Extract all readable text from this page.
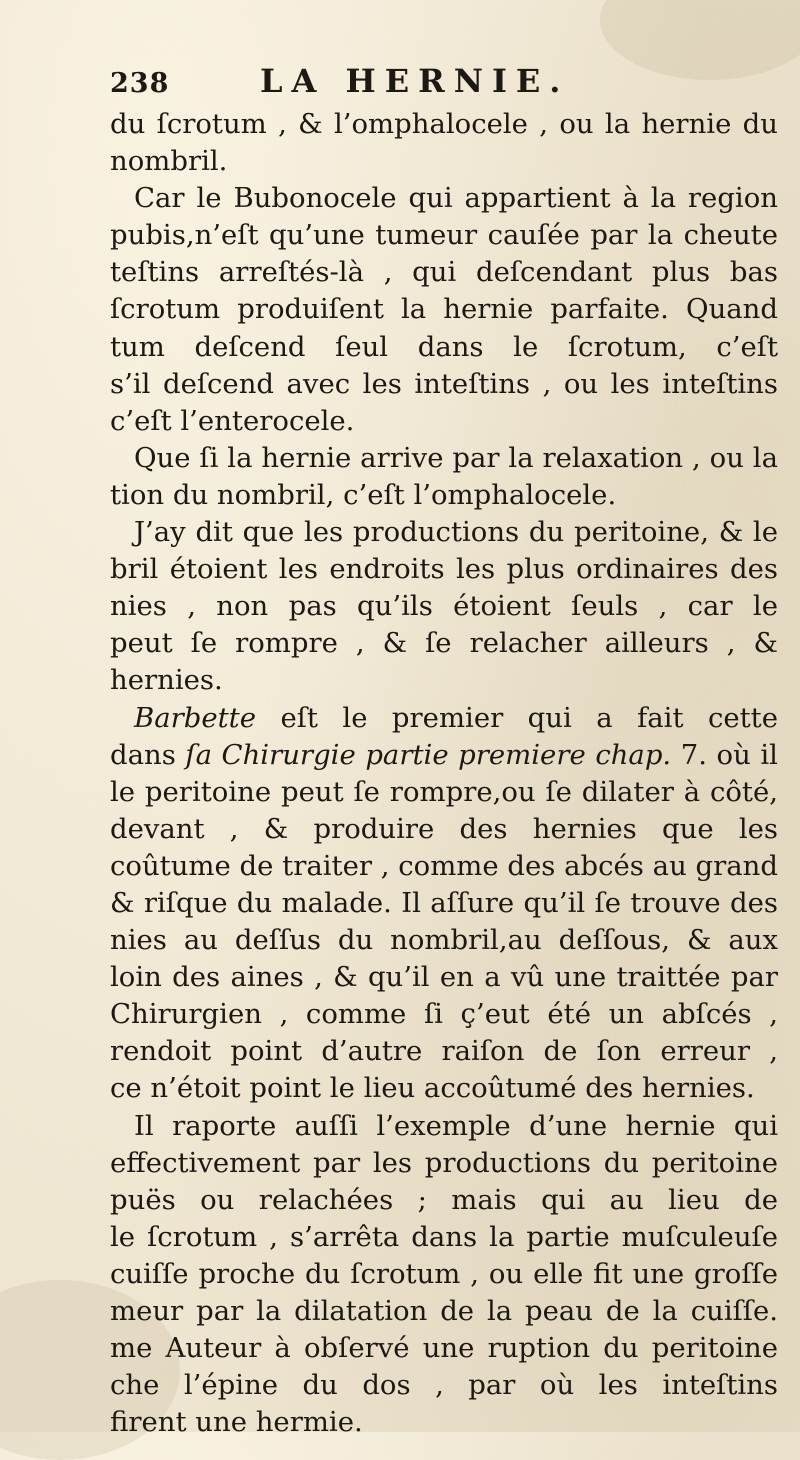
238	LA HERNIE.

du ſcrotum , & l’omphalocele , ou la hernie du
nombril.

Car le Bubonocele qui appartient à la region
pubis,n’eſt qu’une tumeur cauſée par la cheute
teſtins arreſtés-là , qui deſcendant plus bas
ſcrotum produiſent la hernie parfaite. Quand
tum deſcend ſeul dans le ſcrotum, c’eſt
s’il deſcend avec les inteſtins , ou les inteſtins
c’eſt l’enterocele.

Que ſi la hernie arrive par la relaxation , ou la
tion du nombril, c’eſt l’omphalocele.

J’ay dit que les productions du peritoine, & le
bril étoient les endroits les plus ordinaires des
nies , non pas qu’ils étoient ſeuls , car le
peut ſe rompre , & ſe relacher ailleurs , &
hernies.

Barbette eſt le premier qui a fait cette
dans ſa Chirurgie partie premiere chap. 7. où il
le peritoine peut ſe rompre,ou ſe dilater à côté,
devant , & produire des hernies que les
coûtume de traiter , comme des abcés au grand
& riſque du malade. Il aſſure qu’il ſe trouve des
nies au deſſus du nombril,au deſſous, & aux
loin des aines , & qu’il en a vû une traittée par
Chirurgien , comme ſi ç’eut été un abſcés ,
rendoit point d’autre raiſon de ſon erreur ,
ce n’étoit point le lieu accoûtumé des hernies.

Il raporte auſſi l’exemple d’une hernie qui
effectivement par les productions du peritoine
puës ou relachées ; mais qui au lieu de
le ſcrotum , s’arrêta dans la partie muſculeuſe
cuiſſe proche du ſcrotum , ou elle fit une groſſe
meur par la dilatation de la peau de la cuiſſe.
me Auteur à obſervé une ruption du peritoine
che l’épine du dos , par où les inteſtins
firent une hermie.
